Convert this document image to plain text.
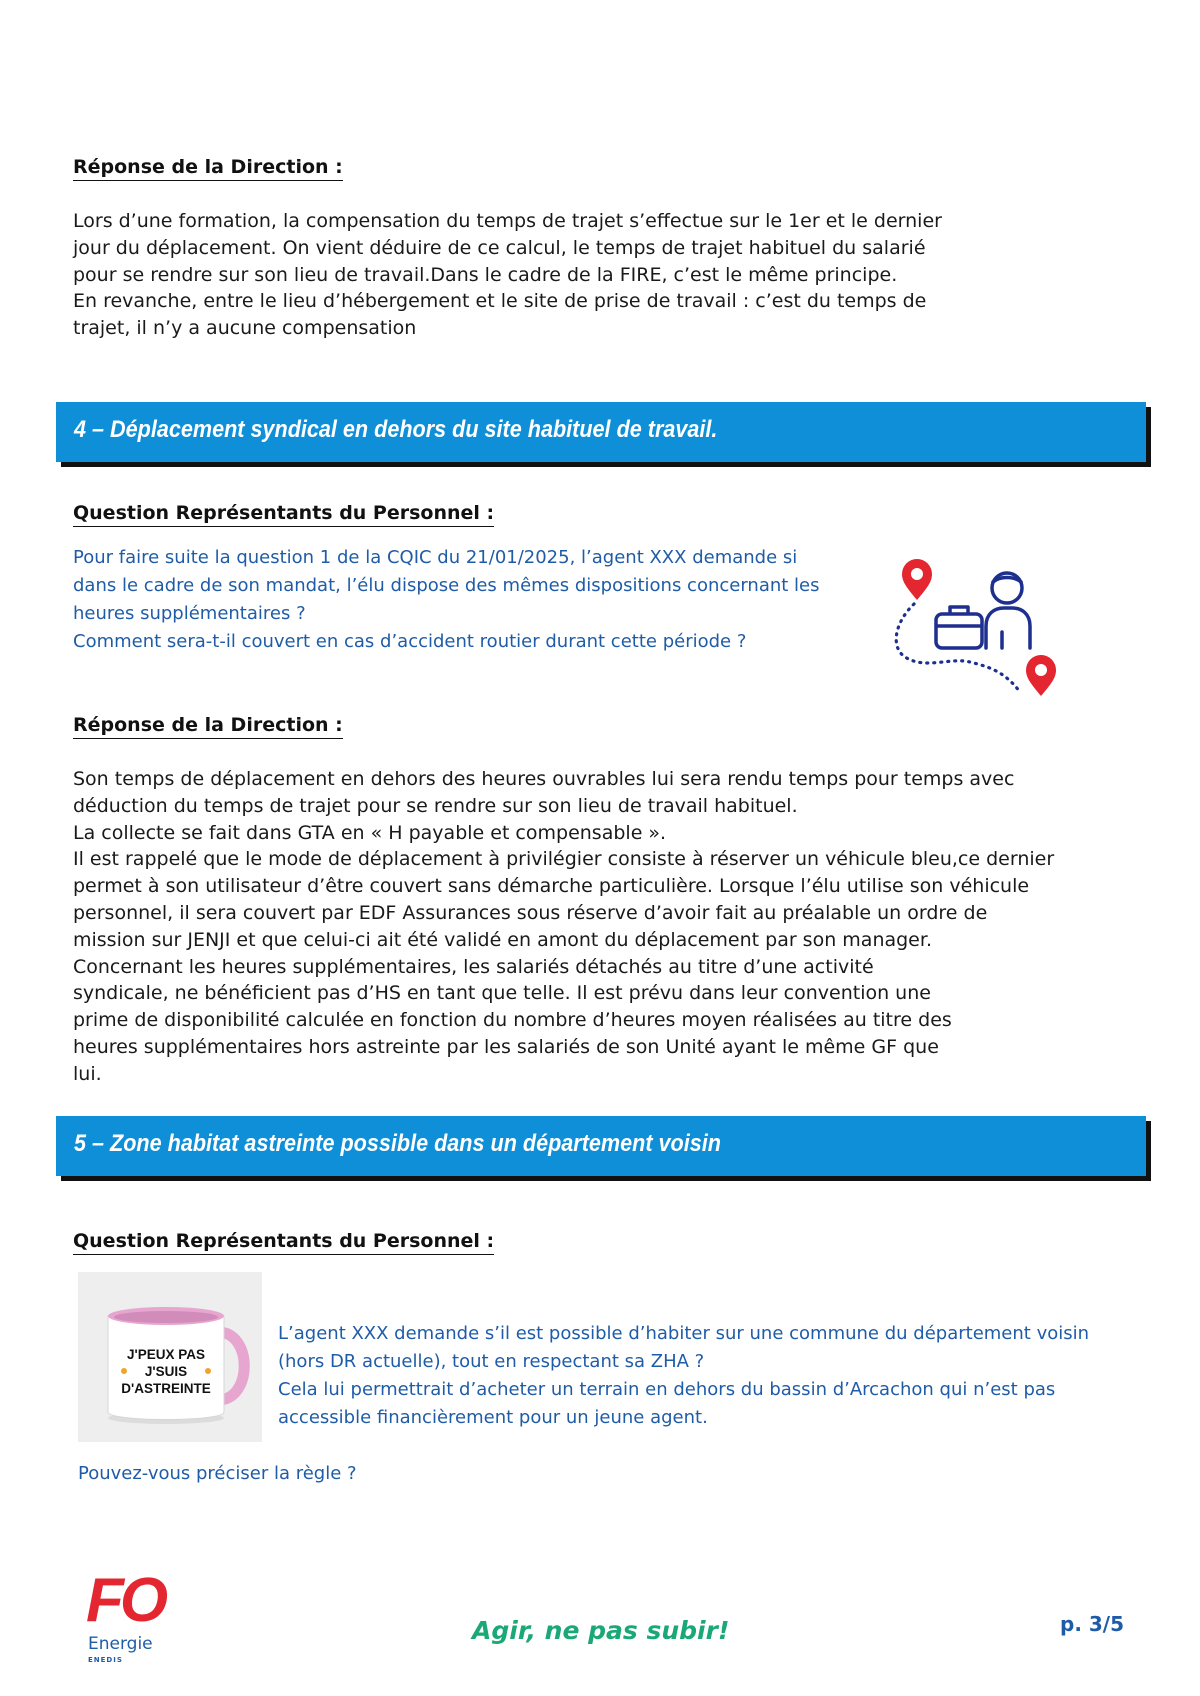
Réponse de la Direction :
Lors d’une formation, la compensation du temps de trajet s’effectue sur le 1er et le dernier
jour du déplacement. On vient déduire de ce calcul, le temps de trajet habituel du salarié
pour se rendre sur son lieu de travail.Dans le cadre de la FIRE, c’est le même principe.
En revanche, entre le lieu d’hébergement et le site de prise de travail : c’est du temps de
trajet, il n’y a aucune compensation
4 – Déplacement syndical en dehors du site habituel de travail.
Question Représentants du Personnel :
Pour faire suite la question 1 de la CQIC du 21/01/2025, l’agent XXX demande si
dans le cadre de son mandat, l’élu dispose des mêmes dispositions concernant les
heures supplémentaires ?
Comment sera-t-il couvert en cas d’accident routier durant cette période ?
Réponse de la Direction :
Son temps de déplacement en dehors des heures ouvrables lui sera rendu temps pour temps avec
déduction du temps de trajet pour se rendre sur son lieu de travail habituel.
La collecte se fait dans GTA en « H payable et compensable ».
Il est rappelé que le mode de déplacement à privilégier consiste à réserver un véhicule bleu,ce dernier
permet à son utilisateur d’être couvert sans démarche particulière. Lorsque l’élu utilise son véhicule
personnel, il sera couvert par EDF Assurances sous réserve d’avoir fait au préalable un ordre de
mission sur JENJI et que celui-ci ait été validé en amont du déplacement par son manager.
Concernant les heures supplémentaires, les salariés détachés au titre d’une activité
syndicale, ne bénéficient pas d’HS en tant que telle. Il est prévu dans leur convention une
prime de disponibilité calculée en fonction du nombre d’heures moyen réalisées au titre des
heures supplémentaires hors astreinte par les salariés de son Unité ayant le même GF que
lui.
5 – Zone habitat astreinte possible dans un département voisin
Question Représentants du Personnel :
J'PEUX PAS
J'SUIS
D'ASTREINTE
L’agent XXX demande s’il est possible d’habiter sur une commune du département voisin
(hors DR actuelle), tout en respectant sa ZHA ?
Cela lui permettrait d’acheter un terrain en dehors du bassin d’Arcachon qui n’est pas
accessible financièrement pour un jeune agent.
Pouvez-vous préciser la règle ?
FO
Energie
ENEDIS
Agir, ne pas subir!	p. 3/5
